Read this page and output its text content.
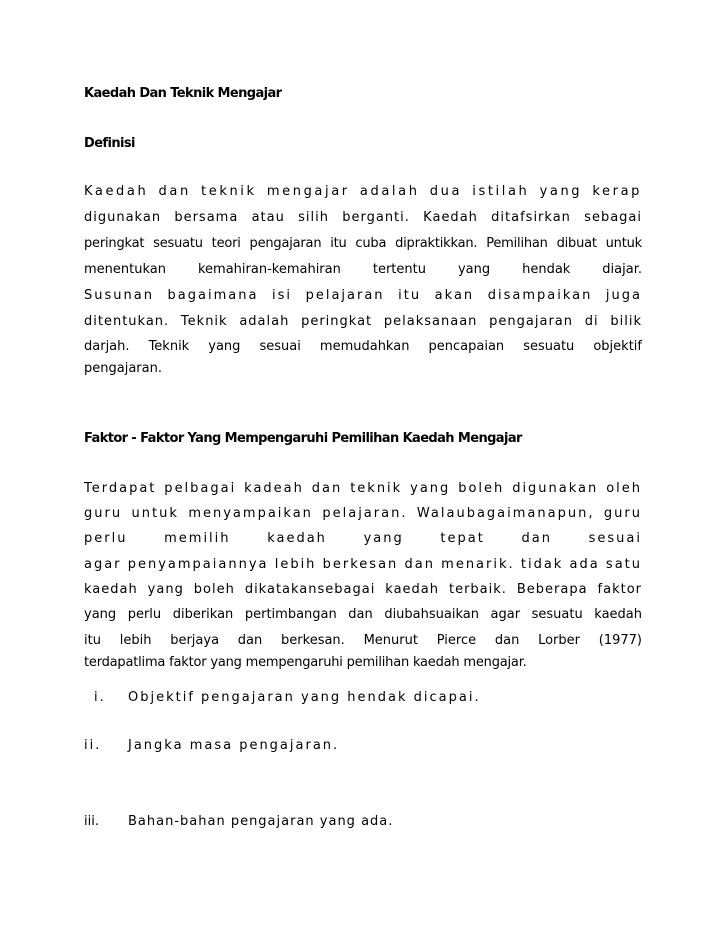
Kaedah Dan Teknik Mengajar
Definisi
Kaedah dan teknik mengajar adalah dua istilah yang kerap
digunakan bersama atau silih berganti. Kaedah ditafsirkan sebagai
peringkat sesuatu teori pengajaran itu cuba dipraktikkan. Pemilihan dibuat untuk
menentukan kemahiran-kemahiran tertentu yang hendak diajar.
Susunan bagaimana isi pelajaran itu akan disampaikan juga
ditentukan. Teknik adalah peringkat pelaksanaan pengajaran di bilik
darjah. Teknik yang sesuai memudahkan pencapaian sesuatu objektif
pengajaran.
Faktor - Faktor Yang Mempengaruhi Pemilihan Kaedah Mengajar
Terdapat pelbagai kadeah dan teknik yang boleh digunakan oleh
guru untuk menyampaikan pelajaran. Walaubagaimanapun, guru
perlu memilih kaedah yang tepat dan sesuai
agar penyampaiannya lebih berkesan dan menarik. tidak ada satu
kaedah yang boleh dikatakansebagai kaedah terbaik. Beberapa faktor
yang perlu diberikan pertimbangan dan diubahsuaikan agar sesuatu kaedah
itu lebih berjaya dan berkesan. Menurut Pierce dan Lorber (1977)
terdapatlima faktor yang mempengaruhi pemilihan kaedah mengajar.
i. Objektif pengajaran yang hendak dicapai.
ii. Jangka masa pengajaran.
iii. Bahan-bahan pengajaran yang ada.
